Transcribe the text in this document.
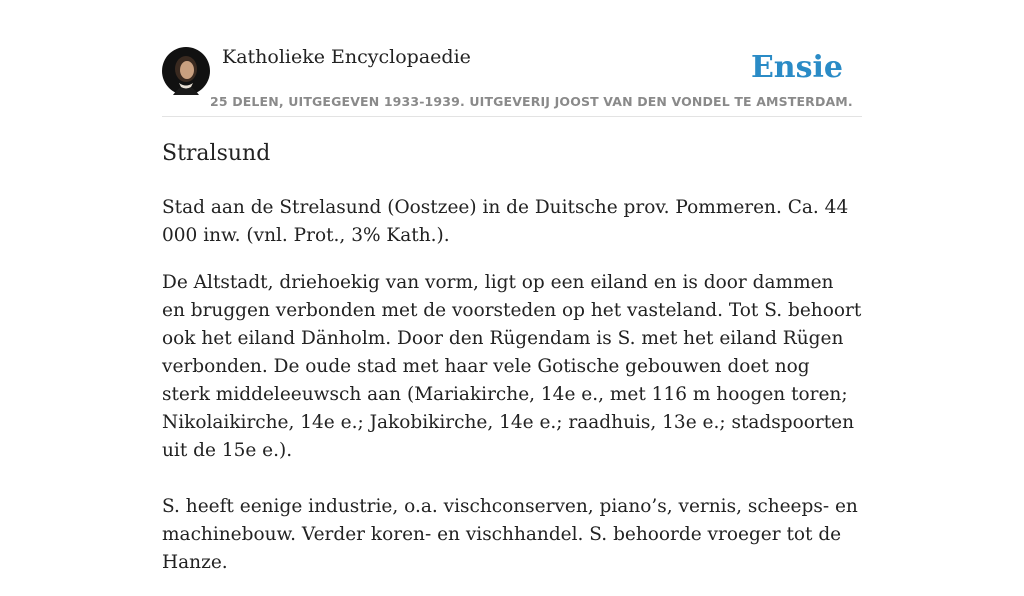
Katholieke Encyclopaedie
25 DELEN, UITGEGEVEN 1933-1939. UITGEVERIJ JOOST VAN DEN VONDEL TE AMSTERDAM.
Ensie
Stralsund

Stad aan de Strelasund (Oostzee) in de Duitsche prov. Pommeren. Ca. 44 000 inw. (vnl. Prot., 3% Kath.).

De Altstadt, driehoekig van vorm, ligt op een eiland en is door dammen en bruggen verbonden met de voorsteden op het vasteland. Tot S. behoort ook het eiland Dänholm. Door den Rügendam is S. met het eiland Rügen verbonden. De oude stad met haar vele Gotische gebouwen doet nog sterk middeleeuwsch aan (Mariakirche, 14e e., met 116 m hoogen toren; Nikolaikirche, 14e e.; Jakobikirche, 14e e.; raadhuis, 13e e.; stadspoorten uit de 15e e.).

S. heeft eenige industrie, o.a. vischconserven, piano’s, vernis, scheeps- en machinebouw. Verder koren- en vischhandel. S. behoorde vroeger tot de Hanze.
